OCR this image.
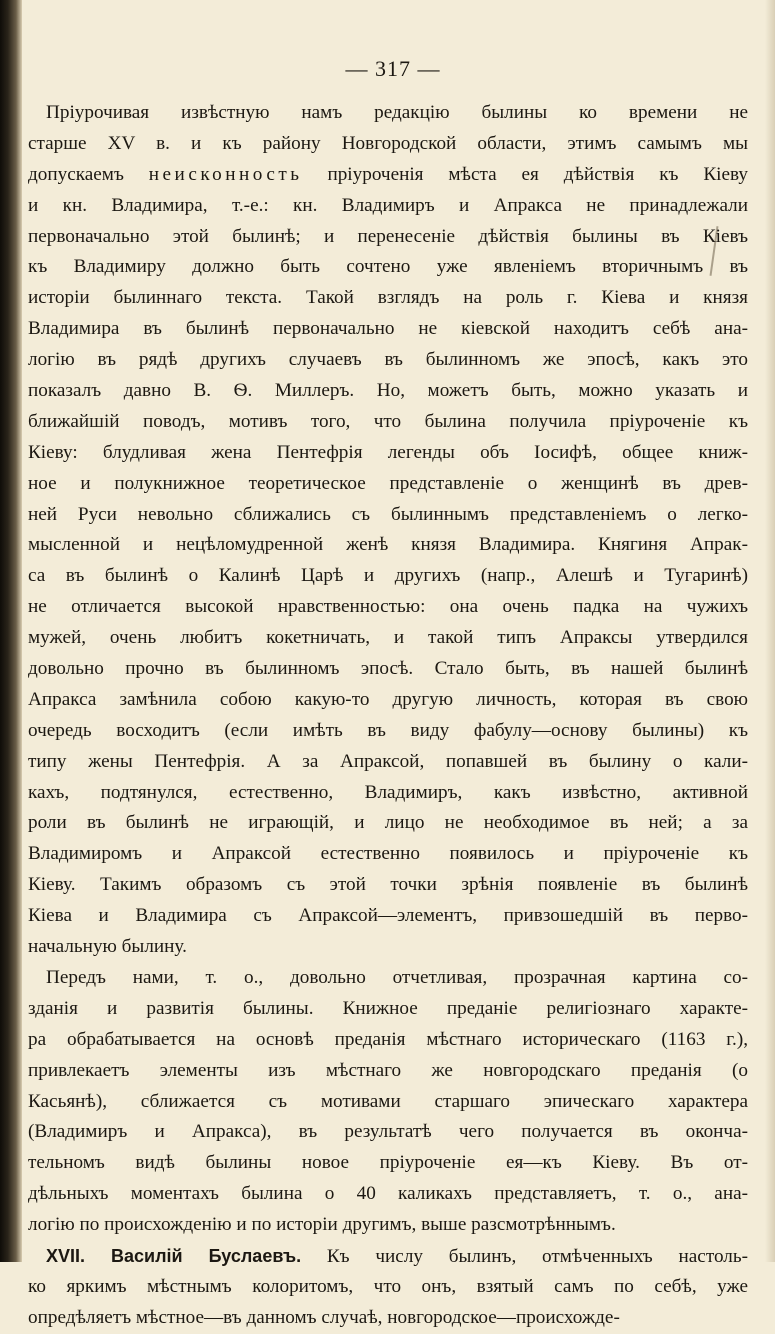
— 317 —
Пріурочивая извѣстную намъ редакцію былины ко времени не
старше XV в. и къ району Новгородской области, этимъ самымъ мы
допускаемъ неисконность пріуроченія мѣста ея дѣйствія къ Кіеву
и кн. Владимира, т.-е.: кн. Владимиръ и Апракса не принадлежали
первоначально этой былинѣ; и перенесеніе дѣйствія былины въ Кіевъ
къ Владимиру должно быть сочтено уже явленіемъ вторичнымъ въ
исторіи былиннаго текста. Такой взглядъ на роль г. Кіева и князя
Владимира въ былинѣ первоначально не кіевской находитъ себѣ ана-
логію въ рядѣ другихъ случаевъ въ былинномъ же эпосѣ, какъ это
показалъ давно В. Ѳ. Миллеръ. Но, можетъ быть, можно указать и
ближайшій поводъ, мотивъ того, что былина получила пріуроченіе къ
Кіеву: блудливая жена Пентефрія легенды объ Іосифѣ, общее книж-
ное и полукнижное теоретическое представленіе о женщинѣ въ древ-
ней Руси невольно сближались съ былиннымъ представленіемъ о легко-
мысленной и нецѣломудренной женѣ князя Владимира. Княгиня Апрак-
са въ былинѣ о Калинѣ Царѣ и другихъ (напр., Алешѣ и Тугаринѣ)
не отличается высокой нравственностью: она очень падка на чужихъ
мужей, очень любитъ кокетничать, и такой типъ Апраксы утвердился
довольно прочно въ былинномъ эпосѣ. Стало быть, въ нашей былинѣ
Апракса замѣнила собою какую-то другую личность, которая въ свою
очередь восходитъ (если имѣть въ виду фабулу—основу былины) къ
типу жены Пентефрія. А за Апраксой, попавшей въ былину о кали-
кахъ, подтянулся, естественно, Владимиръ, какъ извѣстно, активной
роли въ былинѣ не играющій, и лицо не необходимое въ ней; а за
Владимиромъ и Апраксой естественно появилось и пріуроченіе къ
Кіеву. Такимъ образомъ съ этой точки зрѣнія появленіе въ былинѣ
Кіева и Владимира съ Апраксой—элементъ, привзошедшій въ перво-
начальную былину.
Передъ нами, т. о., довольно отчетливая, прозрачная картина со-
зданія и развитія былины. Книжное преданіе религіознаго характе-
ра обрабатывается на основѣ преданія мѣстнаго историческаго (1163 г.),
привлекаетъ элементы изъ мѣстнаго же новгородскаго преданія (о
Касьянѣ), сближается съ мотивами старшаго эпическаго характера
(Владимиръ и Апракса), въ результатѣ чего получается въ оконча-
тельномъ видѣ былины новое пріуроченіе ея—къ Кіеву. Въ от-
дѣльныхъ моментахъ былина о 40 каликахъ представляетъ, т. о., ана-
логію по происхожденію и по исторіи другимъ, выше разсмотрѣннымъ.
XVII. Василій Буслаевъ. Къ числу былинъ, отмѣченныхъ настоль-
ко яркимъ мѣстнымъ колоритомъ, что онъ, взятый самъ по себѣ, уже
опредѣляетъ мѣстное—въ данномъ случаѣ, новгородское—происхожде-
